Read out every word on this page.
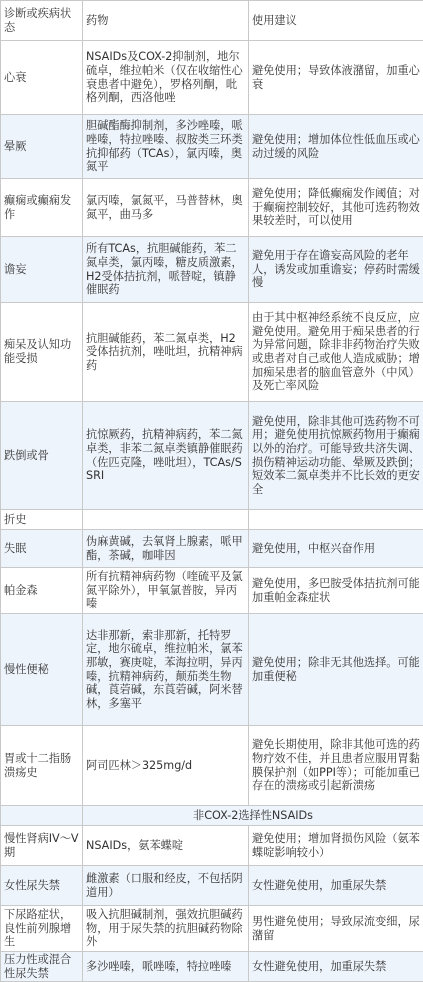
诊断或疾病状态	药物	使用建议
心衰	NSAIDs及COX-2抑制剂，地尔硫卓，维拉帕米（仅在收缩性心衰患者中避免），罗格列酮，吡格列酮，西洛他唑	避免使用；导致体液潴留，加重心衰
晕厥	胆碱酯酶抑制剂，多沙唑嗪，哌唑嗪，特拉唑嗪、叔胺类三环类抗抑郁药（TCAs），氯丙嗪，奥氮平	避免使用；增加体位性低血压或心动过缓的风险
癫痫或癫痫发作	氯丙嗪，氯氮平，马普替林，奥氮平，曲马多	避免使用；降低癫痫发作阈值；对于癫痫控制较好，其他可选药物效果较差时，可以使用
谵妄	所有TCAs，抗胆碱能药，苯二氮卓类，氯丙嗪，糖皮质激素，H2受体拮抗剂，哌替啶，镇静催眠药	避免用于存在谵妄高风险的老年人，诱发或加重谵妄；停药时需缓慢
痴呆及认知功能受损	抗胆碱能药，苯二氮卓类，H2受体拮抗剂，唑吡坦，抗精神病药	由于其中枢神经系统不良反应，应避免使用。避免用于痴呆患者的行为异常问题，除非非药物治疗失败或患者对自己或他人造成威胁；增加痴呆患者的脑血管意外（中风）及死亡率风险
跌倒或骨	抗惊厥药，抗精神病药，苯二氮卓类，非苯二氮卓类镇静催眠药（佐匹克隆，唑吡坦），TCAs/SSRI	避免使用，除非其他可选药物不可用；避免使用抗惊厥药物用于癫痫以外的治疗。可能导致共济失调、损伤精神运动功能、晕厥及跌倒；短效苯二氮卓类并不比长效的更安全
折史		
失眠	伪麻黄碱，去氧肾上腺素，哌甲酯，茶碱，咖啡因	避免使用，中枢兴奋作用
帕金森	所有抗精神病药物（喹硫平及氯氮平除外），甲氧氯普胺，异丙嗪	避免使用，多巴胺受体拮抗剂可能加重帕金森症状
慢性便秘	达非那新，索非那新，托特罗定，地尔硫卓，维拉帕米，氯苯那敏，赛庚啶，苯海拉明，异丙嗪，抗精神病药，颠茄类生物碱，莨菪碱，东莨菪碱，阿米替林，多塞平	避免使用；除非无其他选择。可能加重便秘
胃或十二指肠溃疡史	阿司匹林＞325mg/d	避免长期使用，除非其他可选的药物疗效不佳，并且患者应服用胃黏膜保护剂（如PPI等）；可能加重已存在的溃疡或引起新溃疡
	非COX-2选择性NSAIDs	
慢性肾病IV～V期	NSAIDs，氨苯蝶啶	避免使用；增加肾损伤风险（氨苯蝶啶影响较小）
女性尿失禁	雌激素（口服和经皮，不包括阴道用）	女性避免使用，加重尿失禁
下尿路症状，良性前列腺增生	吸入抗胆碱制剂，强效抗胆碱药物，用于尿失禁的抗胆碱药物除外	男性避免使用；导致尿流变细，尿潴留
压力性或混合性尿失禁	多沙唑嗪，哌唑嗪，特拉唑嗪	女性避免使用，加重尿失禁
